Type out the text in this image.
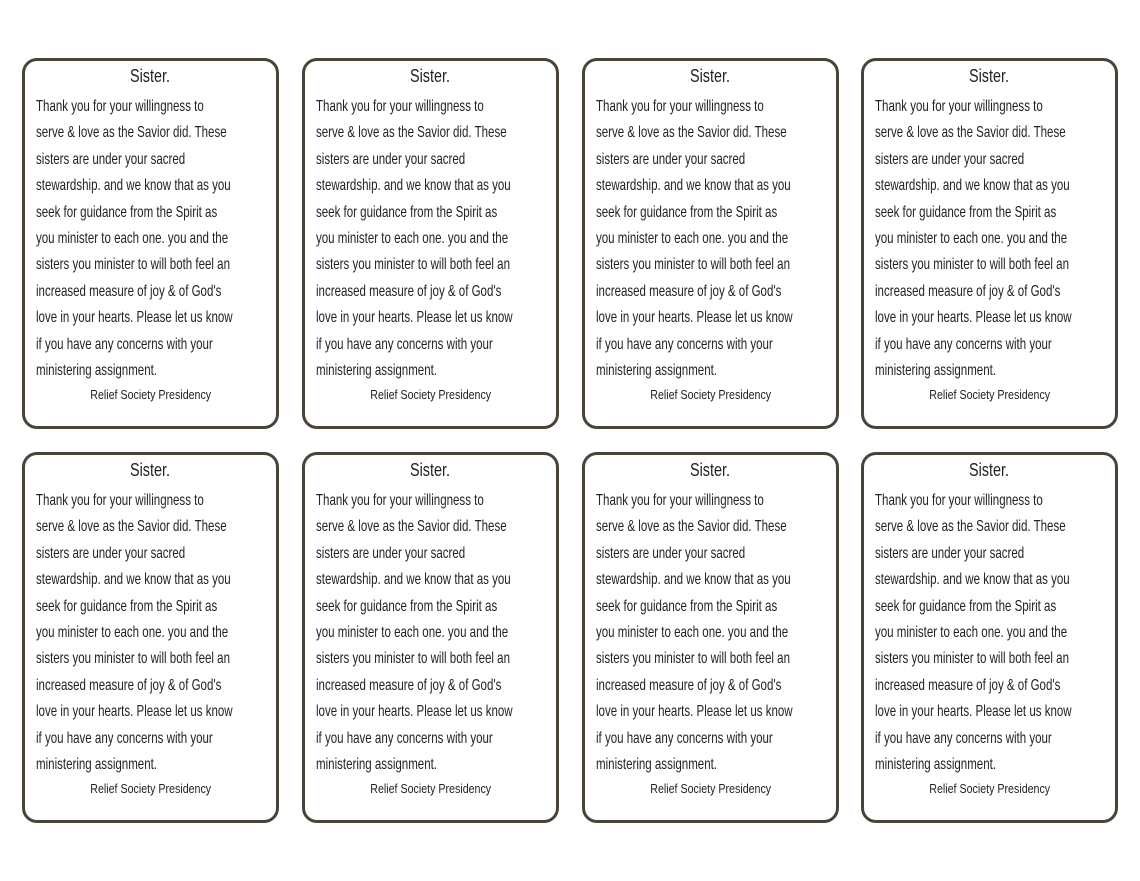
Sister.
Thank you for your willingness to
serve & love as the Savior did. These
sisters are under your sacred
stewardship. and we know that as you
seek for guidance from the Spirit as
you minister to each one. you and the
sisters you minister to will both feel an
increased measure of joy & of God's
love in your hearts. Please let us know
if you have any concerns with your
ministering assignment.
Relief Society Presidency
Sister.
Thank you for your willingness to
serve & love as the Savior did. These
sisters are under your sacred
stewardship. and we know that as you
seek for guidance from the Spirit as
you minister to each one. you and the
sisters you minister to will both feel an
increased measure of joy & of God's
love in your hearts. Please let us know
if you have any concerns with your
ministering assignment.
Relief Society Presidency
Sister.
Thank you for your willingness to
serve & love as the Savior did. These
sisters are under your sacred
stewardship. and we know that as you
seek for guidance from the Spirit as
you minister to each one. you and the
sisters you minister to will both feel an
increased measure of joy & of God's
love in your hearts. Please let us know
if you have any concerns with your
ministering assignment.
Relief Society Presidency
Sister.
Thank you for your willingness to
serve & love as the Savior did. These
sisters are under your sacred
stewardship. and we know that as you
seek for guidance from the Spirit as
you minister to each one. you and the
sisters you minister to will both feel an
increased measure of joy & of God's
love in your hearts. Please let us know
if you have any concerns with your
ministering assignment.
Relief Society Presidency
Sister.
Thank you for your willingness to
serve & love as the Savior did. These
sisters are under your sacred
stewardship. and we know that as you
seek for guidance from the Spirit as
you minister to each one. you and the
sisters you minister to will both feel an
increased measure of joy & of God's
love in your hearts. Please let us know
if you have any concerns with your
ministering assignment.
Relief Society Presidency
Sister.
Thank you for your willingness to
serve & love as the Savior did. These
sisters are under your sacred
stewardship. and we know that as you
seek for guidance from the Spirit as
you minister to each one. you and the
sisters you minister to will both feel an
increased measure of joy & of God's
love in your hearts. Please let us know
if you have any concerns with your
ministering assignment.
Relief Society Presidency
Sister.
Thank you for your willingness to
serve & love as the Savior did. These
sisters are under your sacred
stewardship. and we know that as you
seek for guidance from the Spirit as
you minister to each one. you and the
sisters you minister to will both feel an
increased measure of joy & of God's
love in your hearts. Please let us know
if you have any concerns with your
ministering assignment.
Relief Society Presidency
Sister.
Thank you for your willingness to
serve & love as the Savior did. These
sisters are under your sacred
stewardship. and we know that as you
seek for guidance from the Spirit as
you minister to each one. you and the
sisters you minister to will both feel an
increased measure of joy & of God's
love in your hearts. Please let us know
if you have any concerns with your
ministering assignment.
Relief Society Presidency
